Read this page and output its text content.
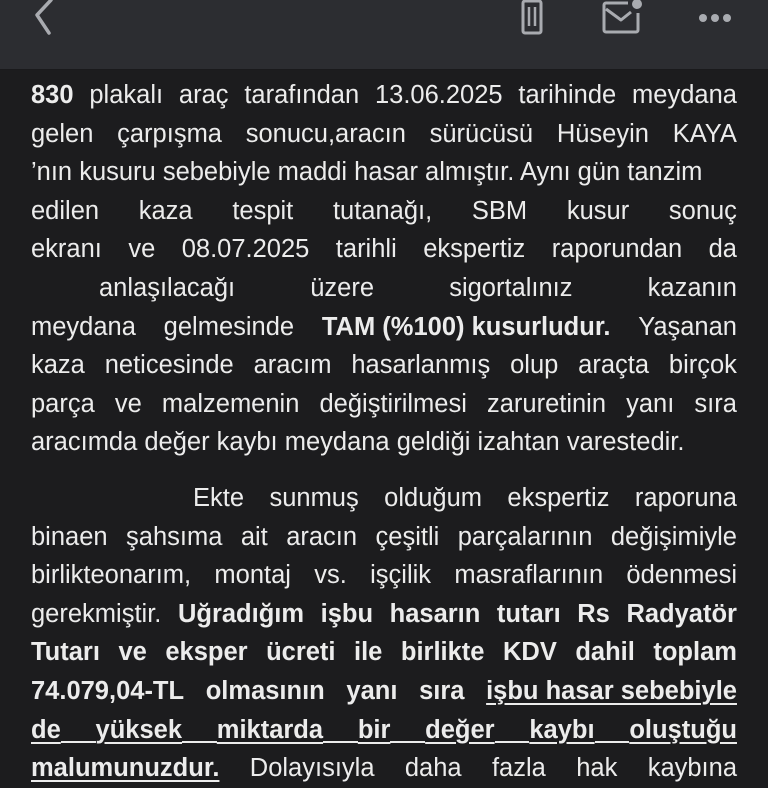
830 plakalı araç tarafından 13.06.2025 tarihinde meydana
gelen çarpışma sonucu,aracın sürücüsü Hüseyin KAYA
’nın kusuru sebebiyle maddi hasar almıştır. Aynı gün tanzim
edilen kaza tespit tutanağı, SBM kusur sonuç
ekranı ve 08.07.2025 tarihli ekspertiz raporundan da
anlaşılacağı	üzere	sigortalınız	kazanın
meydana gelmesinde TAM (%100) kusurludur. Yaşanan
kaza neticesinde aracım hasarlanmış olup araçta birçok
parça ve malzemenin değiştirilmesi zaruretinin yanı sıra
aracımda değer kaybı meydana geldiği izahtan varestedir.
Ekte sunmuş olduğum ekspertiz raporuna
binaen şahsıma ait aracın çeşitli parçalarının değişimiyle
birlikteonarım, montaj vs. işçilik masraflarının ödenmesi
gerekmiştir. Uğradığım işbu hasarın tutarı Rs Radyatör
Tutarı ve eksper ücreti ile birlikte KDV dahil toplam
74.079,04-TL olmasının yanı sıra işbu hasar sebebiyle
de yüksek miktarda bir değer kaybı oluştuğu
malumunuzdur. Dolayısıyla daha fazla hak kaybına
